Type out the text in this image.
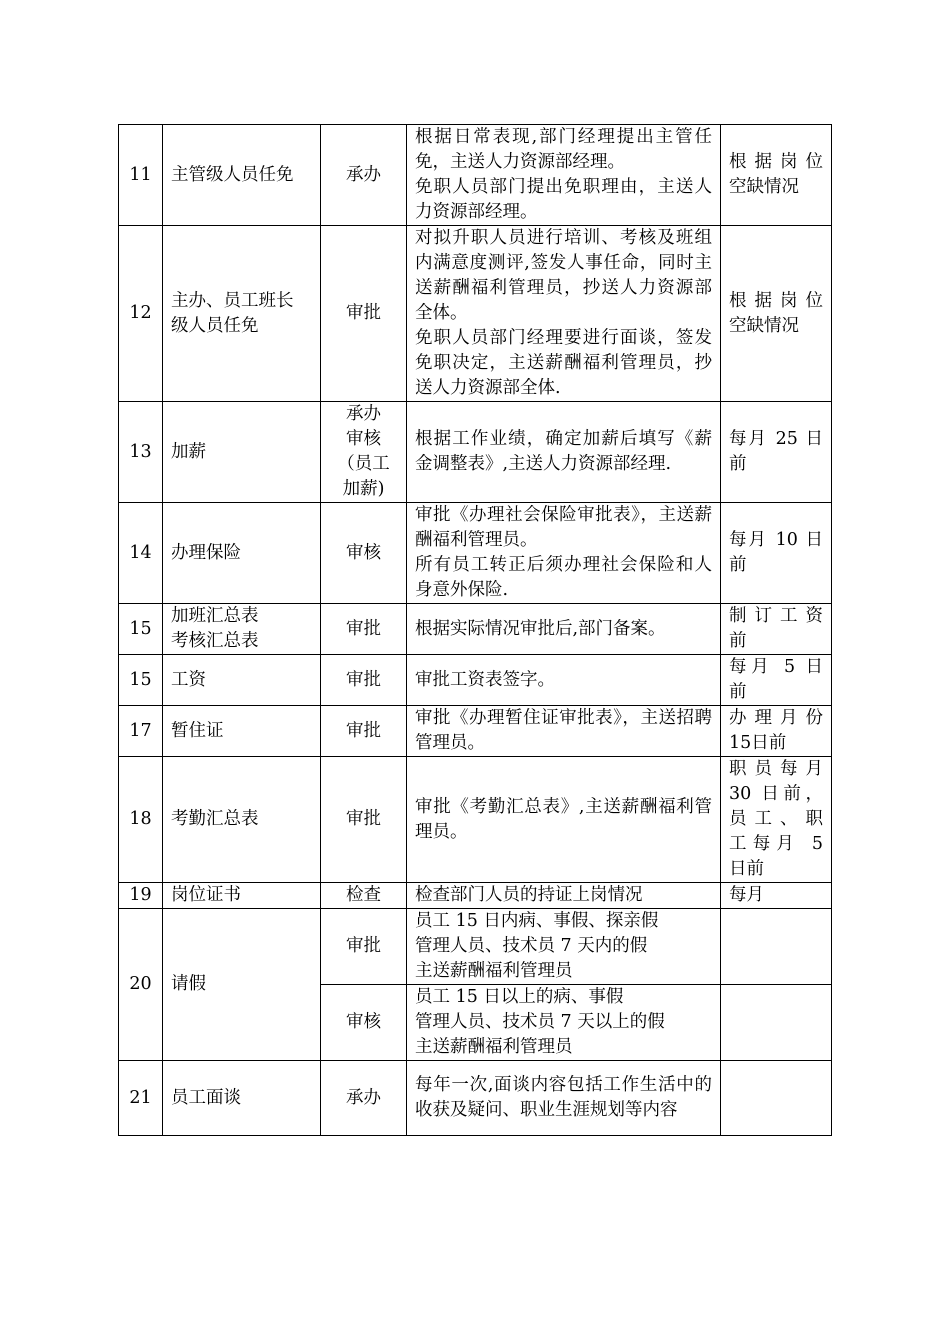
11	主管级人员任免	承办	根据日常表现,部门经理提出主管任免，主送人力资源部经理。
免职人员部门提出免职理由，主送人力资源部经理。	根据岗位
空缺情况

12	主办、员工班长
级人员任免	审批	对拟升职人员进行培训、考核及班组内满意度测评,签发人事任命，同时主送薪酬福利管理员，抄送人力资源部全体。
免职人员部门经理要进行面谈，签发免职决定，主送薪酬福利管理员，抄送人力资源部全体.	根据岗位
空缺情况

13	加薪	承办
审核
（员工
加薪)	根据工作业绩，确定加薪后填写《薪金调整表》,主送人力资源部经理.	每月 25 日
前

14	办理保险	审核	审批《办理社会保险审批表》，主送薪酬福利管理员。
所有员工转正后须办理社会保险和人身意外保险.	每月 10 日
前

15	加班汇总表
考核汇总表	审批	根据实际情况审批后,部门备案。	制订工资
前

15	工资	审批	审批工资表签字。	每月 5 日
前

17	暂住证	审批	审批《办理暂住证审批表》，主送招聘管理员。	办理月份
15日前

18	考勤汇总表	审批	审批《考勤汇总表》,主送薪酬福利管理员。	职员每月
30 日前，
员工、职
工每月 5
日前

19	岗位证书	检查	检查部门人员的持证上岗情况	每月

20	请假	审批	员工 15 日内病、事假、探亲假
管理人员、技术员 7 天内的假
主送薪酬福利管理员	

		审核	员工 15 日以上的病、事假
管理人员、技术员 7 天以上的假
主送薪酬福利管理员	

21	员工面谈	承办	每年一次,面谈内容包括工作生活中的收获及疑问、职业生涯规划等内容	
